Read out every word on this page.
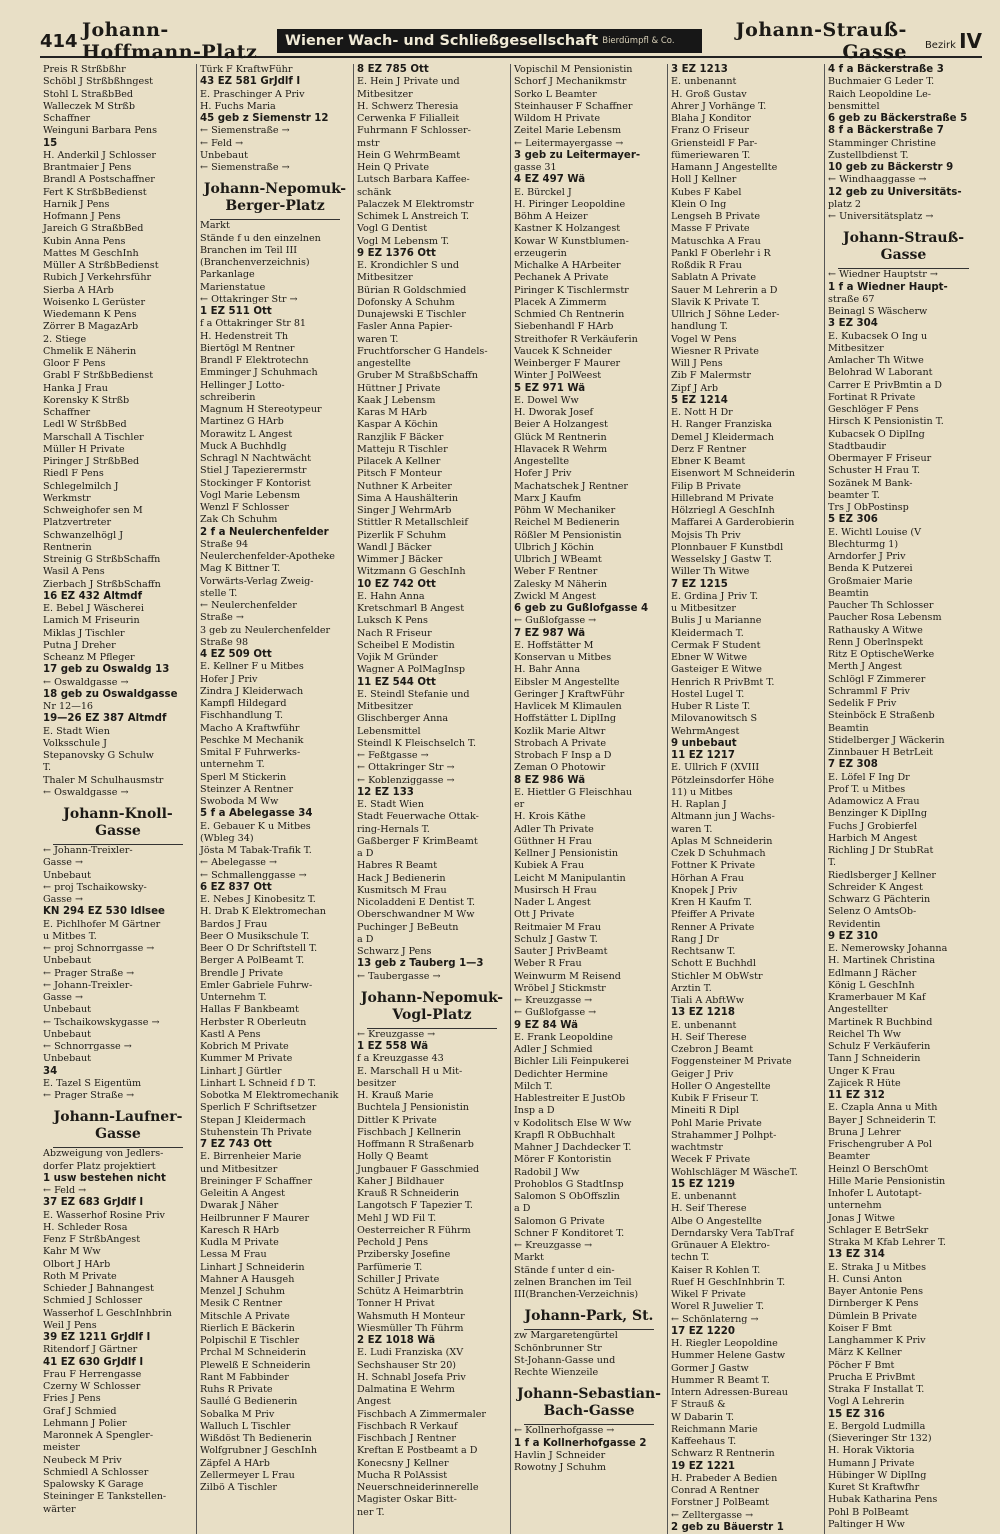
414 Johann-Hoffmann-Platz	Wiener Wach- und Schließgesellschaft Bierdümpfl & Co.	Johann-Strauß-Gasse Bezirk IV
Preis R Strßbßhr
Schöbl J Strßbßhngest
Stohl L StraßbBed
Walleczek M Strßb
Schaffner
Weinguni Barbara Pens
15
H. Anderkil J Schlosser
Brantmaier J Pens
Brandl A Postschaffner
Fert K StrßbBedienst
Harnik J Pens
Hofmann J Pens
Jareich G StraßbBed
Kubin Anna Pens
Mattes M GeschInh
Müller A StrßbBedienst
Rubich J Verkehrsführ
Sierba A HArb
Woisenko L Gerüster
Wiedemann K Pens
Zörrer B MagazArb
2. Stiege
Chmelik E Näherin
Gloor F Pens
Grabl F StrßbBedienst
Hanka J Frau
Korensky K Strßb
Schaffner
Ledl W StrßbBed
Marschall A Tischler
Müller H Private
Piringer J StrßbBed
Riedl F Pens
Schlegelmilch J
Werkmstr
Schweighofer sen M
Platzvertreter
Schwanzelhögl J
Rentnerin
Streinig G StrßbSchaffn
Wasil A Pens
Zierbach J StrßbSchaffn
16 EZ 432 Altmdf
E. Bebel J Wäscherei
Lamich M Friseurin
Miklas J Tischler
Putna J Dreher
Scheanz M Pfleger
17 geb zu Oswaldg 13
← Oswaldgasse →
18 geb zu Oswaldgasse
Nr 12—16
19—26 EZ 387 Altmdf
E. Stadt Wien
Volksschule J
Stepanovsky G Schulw
T.
Thaler M Schulhausmstr
← Oswaldgasse →
Johann-Knoll-Gasse
← Johann-Treixler-
Gasse →
Unbebaut
← proj Tschaikowsky-
Gasse →
KN 294 EZ 530 Idlsee
E. Pichlhofer M Gärtner
u Mitbes T.
← proj Schnorrgasse →
Unbebaut
← Prager Straße →
← Johann-Treixler-
Gasse →
Unbebaut
← Tschaikowskygasse →
Unbebaut
← Schnorrgasse →
Unbebaut
34
E. Tazel S Eigentüm
← Prager Straße →
Johann-Laufner-Gasse
Abzweigung von Jedlers-
dorfer Platz projektiert
1 usw bestehen nicht
← Feld →
37 EZ 683 GrJdlf I
E. Wasserhof Rosine Priv
H. Schleder Rosa
Fenz F StrßbAngest
Kahr M Ww
Olbort J HArb
Roth M Private
Schieder J Bahnangest
Schmied J Schlosser
Wasserhof L GeschInhbrin
Weil J Pens
39 EZ 1211 GrJdlf I
Ritendorf J Gärtner
41 EZ 630 GrJdlf I
Frau F Herrengasse
Czerny W Schlosser
Fries J Pens
Graf J Schmied
Lehmann J Polier
Maronnek A Spengler-
meister
Neubeck M Priv
Schmiedl A Schlosser
Spalowsky K Garage
Steininger E Tankstellen-
wärter
Türk F KraftwFühr
43 EZ 581 GrJdlf I
E. Praschinger A Priv
H. Fuchs Maria
45 geb z Siemenstr 12
← Siemenstraße →
← Feld →
Unbebaut
← Siemenstraße →
Johann-Nepomuk-Berger-Platz
Markt
Stände f u den einzelnen
Branchen im Teil III
(Branchenverzeichnis)
Parkanlage
Marienstatue
← Ottakringer Str →
1 EZ 511 Ott
f a Ottakringer Str 81
H. Hedenstreit Th
Biertögl M Rentner
Brandl F Elektrotechn
Emminger J Schuhmach
Hellinger J Lotto-
schreiberin
Magnum H Stereotypeur
Martinez G HArb
Morawitz L Angest
Muck A Buchhdlg
Schragl N Nachtwächt
Stiel J Tapezierermstr
Stockinger F Kontorist
Vogl Marie Lebensm
Wenzl F Schlosser
Zak Ch Schuhm
2 f a Neulerchenfelder
Straße 94
Neulerchenfelder-Apotheke
Mag K Bittner T.
Vorwärts-Verlag Zweig-
stelle T.
← Neulerchenfelder
Straße →
3 geb zu Neulerchenfelder
Straße 98
4 EZ 509 Ott
E. Kellner F u Mitbes
Hofer J Priv
Zindra J Kleiderwach
Kampfl Hildegard
Fischhandlung T.
Macho A Kraftwführ
Peschke M Mechanik
Smital F Fuhrwerks-
unternehm T.
Sperl M Stickerin
Steinzer A Rentner
Swoboda M Ww
5 f a Abelegasse 34
E. Gebauer K u Mitbes
(Wbleg 34)
Jösta M Tabak-Trafik T.
← Abelegasse →
← Schmallenggasse →
6 EZ 837 Ott
E. Nebes J Kinobesitz T.
H. Drab K Elektromechan
Bardos J Frau
Beer O Musikschule T.
Beer O Dr Schriftstell T.
Berger A PolBeamt T.
Brendle J Private
Emler Gabriele Fuhrw-
Unternehm T.
Hallas F Bankbeamt
Herbster R Oberleutn
Kastl A Pens
Kobrich M Private
Kummer M Private
Linhart J Gürtler
Linhart L Schneid f D T.
Sobotka M Elektromechanik
Sperlich F Schriftsetzer
Stepan J Kleidermach
Stuhenstein Th Private
7 EZ 743 Ott
E. Birrenheier Marie
und Mitbesitzer
Breininger F Schaffner
Geleitin A Angest
Dwarak J Näher
Heilbrunner F Maurer
Karesch R HArb
Kudla M Private
Lessa M Frau
Linhart J Schneiderin
Mahner A Hausgeh
Menzel J Schuhm
Mesik C Rentner
Mitschle A Private
Rierlich E Bäckerin
Polpischil E Tischler
Prchal M Schneiderin
Plewelß E Schneiderin
Rant M Fabbinder
Ruhs R Private
Saullé G Bedienerin
Sobalka M Priv
Walluch L Tischler
Wißdöst Th Bedienerin
Wolfgrubner J GeschInh
Zäpfel A HArb
Zellermeyer L Frau
Zilbö A Tischler
8 EZ 785 Ott
E. Hein J Private und
Mitbesitzer
H. Schwerz Theresia
Cerwenka F Filialleit
Fuhrmann F Schlosser-
mstr
Hein G WehrmBeamt
Hein Q Private
Lutsch Barbara Kaffee-
schänk
Palaczek M Elektromstr
Schimek L Anstreich T.
Vogl G Dentist
Vogl M Lebensm T.
9 EZ 1376 Ott
E. Krondichler S und
Mitbesitzer
Bürian R Goldschmied
Dofonsky A Schuhm
Dunajewski E Tischler
Fasler Anna Papier-
waren T.
Fruchtforscher G Handels-
angestellte
Gruber M StraßbSchaffn
Hüttner J Private
Kaak J Lebensm
Karas M HArb
Kaspar A Köchin
Ranzjlik F Bäcker
Matteju R Tischler
Pilacek A Kellner
Pitsch F Monteur
Nuthner K Arbeiter
Sima A Haushälterin
Singer J WehrmArb
Stittler R Metallschleif
Pizerlik F Schuhm
Wandl J Bäcker
Wimmer J Bäcker
Witzmann G GeschInh
10 EZ 742 Ott
E. Hahn Anna
Kretschmarl B Angest
Luksch K Pens
Nach R Friseur
Scheibel E Modistin
Vojik M Gründer
Wagner A PolMagInsp
11 EZ 544 Ott
E. Steindl Stefanie und
Mitbesitzer
Glischberger Anna
Lebensmittel
Steindl K Fleischselch T.
← Feßtgasse →
← Ottakringer Str →
← Koblenziggasse →
12 EZ 133
E. Stadt Wien
Stadt Feuerwache Ottak-
ring-Hernals T.
Gaßberger F KrimBeamt
a D
Habres R Beamt
Hack J Bedienerin
Kusmitsch M Frau
Nicoladdeni E Dentist T.
Oberschwandner M Ww
Puchinger J BeBeutn
a D
Schwarz J Pens
13 geb z Tauberg 1—3
← Taubergasse →
Johann-Nepomuk-Vogl-Platz
← Kreuzgasse →
1 EZ 558 Wä
f a Kreuzgasse 43
E. Marschall H u Mit-
besitzer
H. Krauß Marie
Buchtela J Pensionistin
Dittler K Private
Fischbach J Kellnerin
Hoffmann R Straßenarb
Holly Q Beamt
Jungbauer F Gasschmied
Kaher J Bildhauer
Krauß R Schneiderin
Langotsch F Tapezier T.
Mehl J WD Fil T.
Oesterreicher R Führm
Pechold J Pens
Przibersky Josefine
Parfümerie T.
Schiller J Private
Schütz A Heimarbtrin
Tonner H Privat
Wahsmuth H Monteur
Wiesmüller Th Führm
2 EZ 1018 Wä
E. Ludi Franziska (XV
Sechshauser Str 20)
H. Schnabl Josefa Priv
Dalmatina E Wehrm
Angest
Fischbach A Zimmermaler
Fischbach R Verkauf
Fischbach J Rentner
Kreftan E Postbeamt a D
Konecsny J Kellner
Mucha R PolAssist
Neuerschneiderinnerelle
Magister Oskar Bitt-
ner T.
Vopischil M Pensionistin
Schorf J Mechanikmstr
Sorko L Beamter
Steinhauser F Schaffner
Wildom H Private
Zeitel Marie Lebensm
← Leitermayergasse →
3 geb zu Leitermayer-
gasse 31
4 EZ 497 Wä
E. Bürckel J
H. Piringer Leopoldine
Böhm A Heizer
Kastner K Holzangest
Kowar W Kunstblumen-
erzeugerin
Michalke A HArbeiter
Pechanek A Private
Piringer K Tischlermstr
Placek A Zimmerm
Schmied Ch Rentnerin
Siebenhandl F HArb
Streithofer R Verkäuferin
Vaucek K Schneider
Weinberger F Maurer
Winter J PolWeest
5 EZ 971 Wä
E. Dowel Ww
H. Dworak Josef
Beier A Holzangest
Glück M Rentnerin
Hlavacek R Wehrm
Angestellte
Hofer J Priv
Machatschek J Rentner
Marx J Kaufm
Pöhm W Mechaniker
Reichel M Bedienerin
Rößler M Pensionistin
Ulbrich J Köchin
Ulbrich J WBeamt
Weber F Rentner
Zalesky M Näherin
Zwickl M Angest
6 geb zu Gußlofgasse 4
← Gußlofgasse →
7 EZ 987 Wä
E. Hoffstätter M
Konservan u Mitbes
H. Bahr Anna
Eibsler M Angestellte
Geringer J KraftwFühr
Havlicek M Klimaulen
Hoffstätter L DiplIng
Kozlik Marie Altwr
Strobach A Private
Strobach F Insp a D
Zeman O Photowir
8 EZ 986 Wä
E. Hiettler G Fleischhau
er
H. Krois Käthe
Adler Th Private
Güthner H Frau
Kellner J Pensionistin
Kubiek A Frau
Leicht M Manipulantin
Musirsch H Frau
Nader L Angest
Ott J Private
Reitmaier M Frau
Schulz J Gastw T.
Sauter J PrivBeamt
Weber R Frau
Weinwurm M Reisend
Wröbel J Stickmstr
← Kreuzgasse →
← Gußlofgasse →
9 EZ 84 Wä
E. Frank Leopoldine
Adler J Schmied
Bichler Lili Feinpukerei
Dedichter Hermine
Milch T.
Hablestreiter E JustOb
Insp a D
v Kodolitsch Else W Ww
Krapfl R ObBuchhalt
Mahner J Dachdecker T.
Mörer F Kontoristin
Radobil J Ww
Prohoblos G StadtInsp
Salomon S ObOffszlin
a D
Salomon G Private
Schner F Konditoret T.
← Kreuzgasse →
Markt
Stände f unter d ein-
zelnen Branchen im Teil
III(Branchen-Verzeichnis)
Johann-Park, St.
zw Margaretengürtel
Schönbrunner Str
St-Johann-Gasse und
Rechte Wienzeile
Johann-Sebastian-Bach-Gasse
← Kollnerhofgasse →
1 f a Kollnerhofgasse 2
Havlin J Schneider
Rowotny J Schuhm
3 EZ 1213
E. unbenannt
H. Groß Gustav
Ahrer J Vorhänge T.
Blaha J Konditor
Franz O Friseur
Griensteidl F Par-
fümeriewaren T.
Hamann J Angestellte
Holl J Kellner
Kubes F Kabel
Klein O Ing
Lengseh B Private
Masse F Private
Matuschka A Frau
Pankl F Oberlehr i R
Roßdik R Frau
Sablatn A Private
Sauer M Lehrerin a D
Slavik K Private T.
Ullrich J Söhne Leder-
handlung T.
Vogel W Pens
Wiesner R Private
Will J Pens
Zib F Malermstr
Zipf J Arb
5 EZ 1214
E. Nott H Dr
H. Ranger Franziska
Demel J Kleidermach
Derz F Rentner
Ebner K Beamt
Eisenwort M Schneiderin
Filip B Private
Hillebrand M Private
Hölzriegl A GeschInh
Maffarei A Garderobierin
Mojsis Th Priv
Plonnbauer F Kunstbdl
Wesselsky J Gastw T.
Willer Th Witwe
7 EZ 1215
E. Grdina J Priv T.
u Mitbesitzer
Bulis J u Marianne
Kleidermach T.
Cermak F Student
Ebner W Witwe
Gasteiger E Witwe
Henrich R PrivBmt T.
Hostel Lugel T.
Huber R Liste T.
Milovanowitsch S
WehrmAngest
9 unbebaut
11 EZ 1217
E. Ullrich F (XVIII
Pötzleinsdorfer Höhe
11) u Mitbes
H. Raplan J
Altmann jun J Wachs-
waren T.
Aplas M Schneiderin
Czek D Schuhmach
Fottner K Private
Hörhan A Frau
Knopek J Priv
Kren H Kaufm T.
Pfeiffer A Private
Renner A Private
Rang J Dr
Rechtsanw T.
Schott E Buchhdl
Stichler M ObWstr
Arztin T.
Tiali A AbftWw
13 EZ 1218
E. unbenannt
H. Seif Therese
Czebron J Beamt
Foggensteiner M Private
Geiger J Priv
Holler O Angestellte
Kubik F Friseur T.
Mineiti R Dipl
Pohl Marie Private
Strahammer J Polhpt-
wachtmstr
Wecek F Private
Wohlschläger M WäscheT.
15 EZ 1219
E. unbenannt
H. Seif Therese
Albe O Angestellte
Derndarsky Vera TabTraf
Grünauer A Elektro-
techn T.
Kaiser R Kohlen T.
Ruef H GeschInhbrin T.
Wikel F Private
Worel R Juwelier T.
← Schönlaterng →
17 EZ 1220
H. Riegler Leopoldine
Hummer Helene Gastw
Gormer J Gastw
Hummer R Beamt T.
Intern Adressen-Bureau
F Strauß &
W Dabarin T.
Reichmann Marie
Kaffeehaus T.
Schwarz R Rentnerin
19 EZ 1221
H. Prabeder A Bedien
Conrad A Rentner
Forstner J PolBeamt
← Zelltergasse →
2 geb zu Bäuerstr 1
4 f a Bäckerstraße 3
Buchmaier G Leder T.
Raich Leopoldine Le-
bensmittel
6 geb zu Bäckerstraße 5
8 f a Bäckerstraße 7
Stamminger Christine
Zustellbdienst T.
10 geb zu Bäckerstr 9
← Windhaaggasse →
12 geb zu Universitäts-
platz 2
← Universitätsplatz →
Johann-Strauß-Gasse
← Wiedner Hauptstr →
1 f a Wiedner Haupt-
straße 67
Beinagl S Wäscherw
3 EZ 304
E. Kubacsek O Ing u
Mitbesitzer
Amlacher Th Witwe
Belohrad W Laborant
Carrer E PrivBmtin a D
Fortinat R Private
Geschlöger F Pens
Hirsch K Pensionistin T.
Kubacsek O DiplIng
Stadtbaudir
Obermayer F Friseur
Schuster H Frau T.
Sozänek M Bank-
beamter T.
Trs J ObPostinsp
5 EZ 306
E. Wichtl Louise (V
Blechturmg 1)
Arndorfer J Priv
Benda K Putzerei
Großmaier Marie
Beamtin
Paucher Th Schlosser
Paucher Rosa Lebensm
Rathausky A Witwe
Renn J Oberlnspekt
Ritz E OptischeWerke
Merth J Angest
Schlögl F Zimmerer
Schramml F Priv
Sedelik F Priv
Steinböck E Straßenb
Beamtin
Stidelberger J Wäckerin
Zinnbauer H BetrLeit
7 EZ 308
E. Löfel F Ing Dr
Prof T. u Mitbes
Adamowicz A Frau
Benzinger K DiplIng
Fuchs J Grobierfel
Harbich M Angest
Richling J Dr StubRat
T.
Riedlsberger J Kellner
Schreider K Angest
Schwarz G Pächterin
Selenz O AmtsOb-
Revidentin
9 EZ 310
E. Nemerowsky Johanna
H. Martinek Christina
Edlmann J Rächer
König L GeschInh
Kramerbauer M Kaf
Angestellter
Martinek R Buchbind
Reichel Th Ww
Schulz F Verkäuferin
Tann J Schneiderin
Unger K Frau
Zajicek R Hüte
11 EZ 312
E. Czapla Anna u Mith
Bayer J Schneiderin T.
Bruna J Lehrer
Frischengruber A Pol
Beamter
Heinzl O BerschOmt
Hille Marie Pensionistin
Inhofer L Autotapt-
unternehm
Jonas J Witwe
Schlager E BetrSekr
Straka M Kfab Lehrer T.
13 EZ 314
E. Straka J u Mitbes
H. Cunsi Anton
Bayer Antonie Pens
Dirnberger K Pens
Dümlein B Private
Koiser F Bmt
Langhammer K Priv
März K Kellner
Pöcher F Bmt
Prucha E PrivBmt
Straka F Installat T.
Vogl A Lehrerin
15 EZ 316
E. Bergold Ludmilla
(Sieveringer Str 132)
H. Horak Viktoria
Humann J Private
Hübinger W DiplIng
Kuret St Kraftwfhr
Hubak Katharina Pens
Pohl B PolBeamt
Paltinger H Ww
